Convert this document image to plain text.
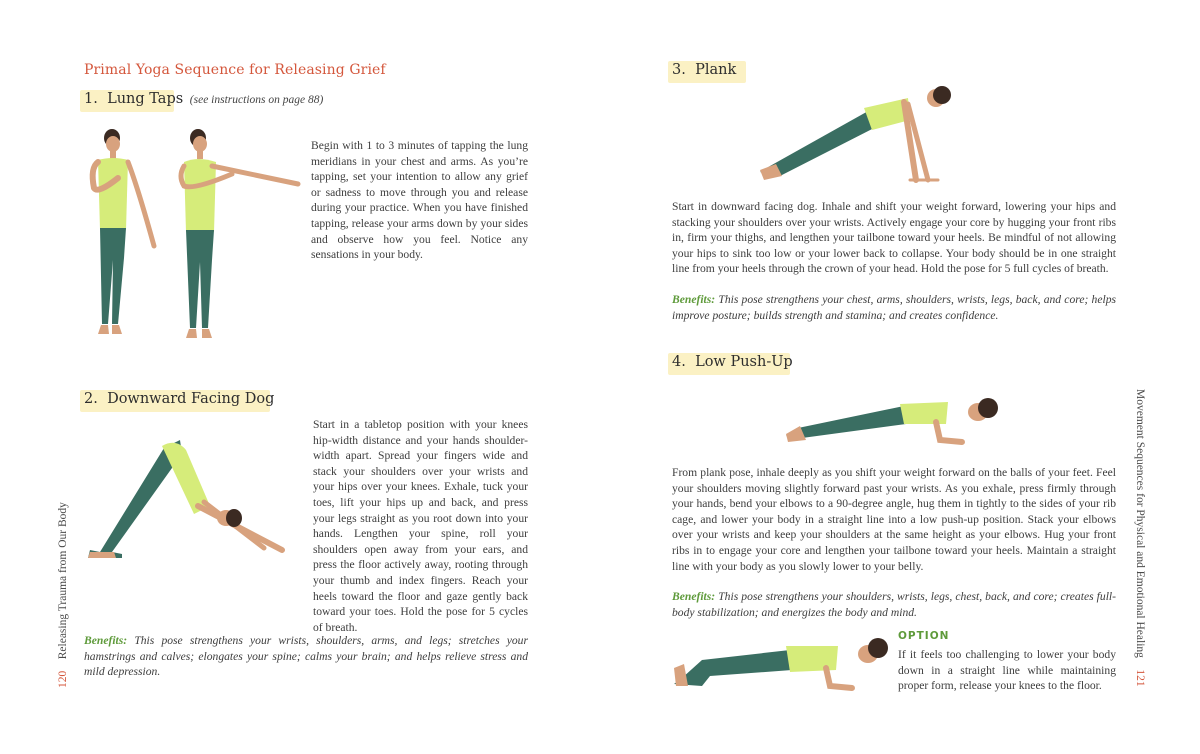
Primal Yoga Sequence for Releasing Grief
1. Lung Taps (see instructions on page 88)

Begin with 1 to 3 minutes of tapping the lung meridians in your chest and arms. As you’re tapping, set your intention to allow any grief or sadness to move through you and release during your practice. When you have finished tapping, release your arms down by your sides and observe how you feel. Notice any sensations in your body.

2. Downward Facing Dog

Start in a tabletop position with your knees hip-width distance and your hands shoulder-width apart. Spread your fingers wide and stack your shoulders over your wrists and your hips over your knees. Exhale, tuck your toes, lift your hips up and back, and press your legs straight as you root down into your hands. Lengthen your spine, roll your shoulders open away from your ears, and press the floor actively away, rooting through your thumb and index fingers. Reach your heels toward the floor and gaze gently back toward your toes. Hold the pose for 5 cycles of breath.

Benefits: This pose strengthens your wrists, shoulders, arms, and legs; stretches your hamstrings and calves; elongates your spine; calms your brain; and helps relieve stress and mild depression.

120    Releasing Trauma from Our Body
3. Plank

Start in downward facing dog. Inhale and shift your weight forward, lowering your hips and stacking your shoulders over your wrists. Actively engage your core by hugging your front ribs in, firm your thighs, and lengthen your tailbone toward your heels. Be mindful of not allowing your hips to sink too low or your lower back to collapse. Your body should be in one straight line from your heels through the crown of your head. Hold the pose for 5 full cycles of breath.

Benefits: This pose strengthens your chest, arms, shoulders, wrists, legs, back, and core; helps improve posture; builds strength and stamina; and creates confidence.

4. Low Push-Up

From plank pose, inhale deeply as you shift your weight forward on the balls of your feet. Feel your shoulders moving slightly forward past your wrists. As you exhale, press firmly through your hands, bend your elbows to a 90-degree angle, hug them in tightly to the sides of your rib cage, and lower your body in a straight line into a low push-up position. Stack your elbows over your wrists and keep your shoulders at the same height as your elbows. Hug your front ribs in to engage your core and lengthen your tailbone toward your heels. Maintain a straight line with your body as you slowly lower to your belly.

Benefits: This pose strengthens your shoulders, wrists, legs, chest, back, and core; creates full-body stabilization; and energizes the body and mind.

OPTION

If it feels too challenging to lower your body down in a straight line while maintaining proper form, release your knees to the floor.

Movement Sequences for Physical and Emotional Healing    121
